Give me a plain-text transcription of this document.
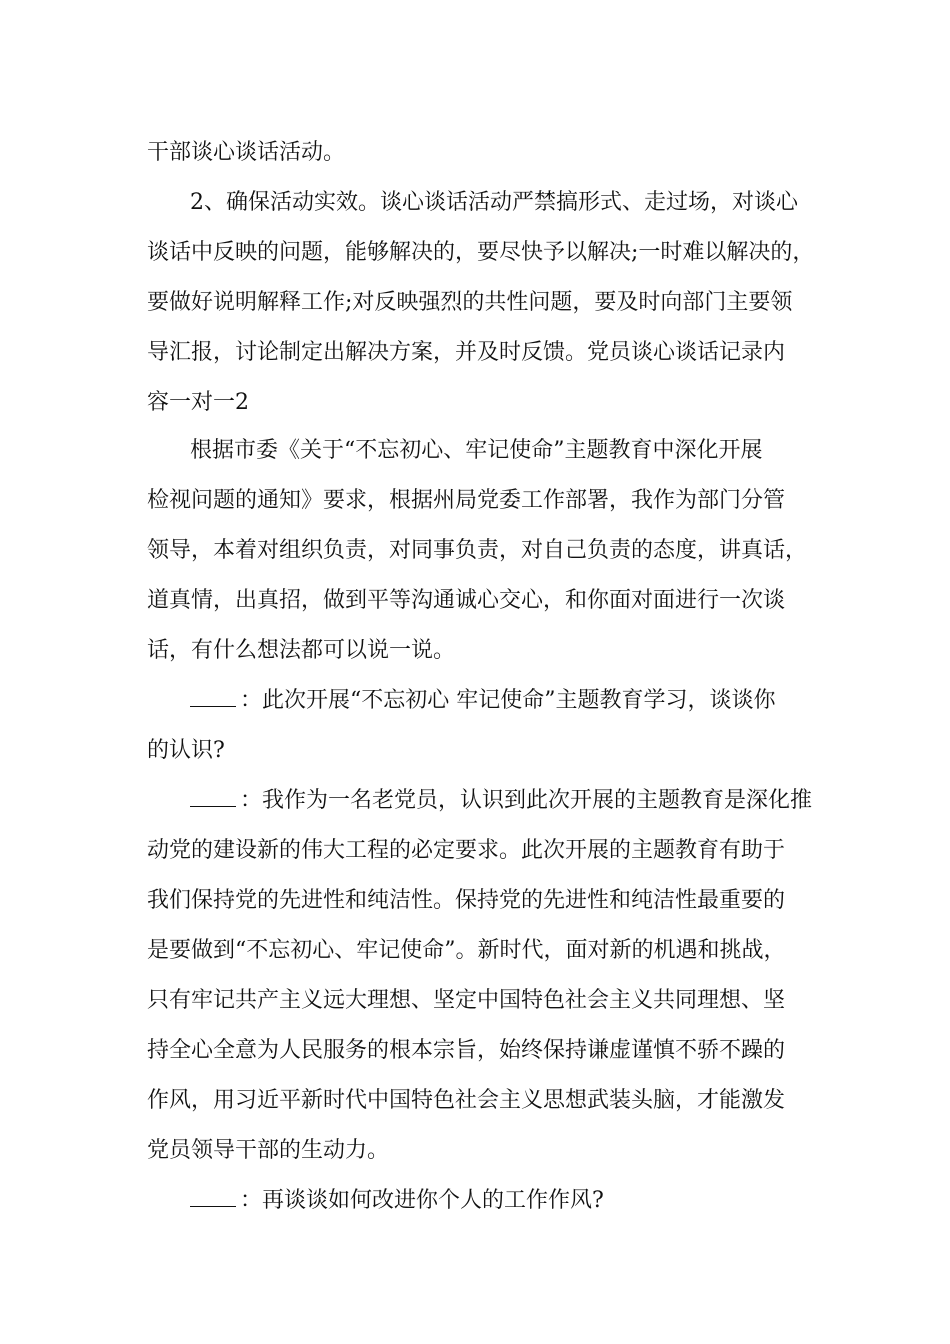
干部谈心谈话活动。

2、确保活动实效。谈心谈话活动严禁搞形式、走过场，对谈心

谈话中反映的问题，能够解决的，要尽快予以解决;一时难以解决的，

要做好说明解释工作;对反映强烈的共性问题，要及时向部门主要领

导汇报，讨论制定出解决方案，并及时反馈。党员谈心谈话记录内

容一对一2

根据市委《关于“不忘初心、牢记使命”主题教育中深化开展

检视问题的通知》要求，根据州局党委工作部署，我作为部门分管

领导，本着对组织负责，对同事负责，对自己负责的态度，讲真话，

道真情，出真招，做到平等沟通诚心交心，和你面对面进行一次谈

话，有什么想法都可以说一说。

：此次开展“不忘初心 牢记使命”主题教育学习，谈谈你

的认识?

：我作为一名老党员，认识到此次开展的主题教育是深化推

动党的建设新的伟大工程的必定要求。此次开展的主题教育有助于

我们保持党的先进性和纯洁性。保持党的先进性和纯洁性最重要的

是要做到“不忘初心、牢记使命”。新时代，面对新的机遇和挑战，

只有牢记共产主义远大理想、坚定中国特色社会主义共同理想、坚

持全心全意为人民服务的根本宗旨，始终保持谦虚谨慎不骄不躁的

作风，用习近平新时代中国特色社会主义思想武装头脑，才能激发

党员领导干部的生动力。

：再谈谈如何改进你个人的工作作风?
